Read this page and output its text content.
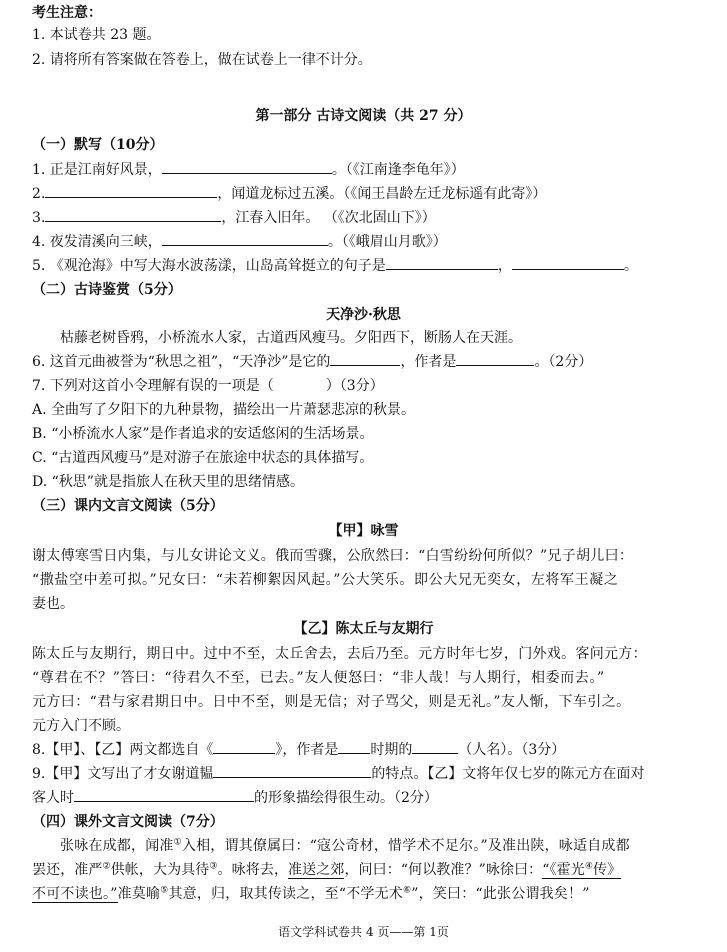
考生注意：
1. 本试卷共 23 题。
2. 请将所有答案做在答卷上，做在试卷上一律不计分。
第一部分 古诗文阅读（共 27 分）
（一）默写（10分）
1. 正是江南好风景，	。（《江南逢李龟年》）
2.	，闻道龙标过五溪。（《闻王昌龄左迁龙标遥有此寄》）
3.	，江春入旧年。 （《次北固山下》）
4. 夜发清溪向三峡，	。（《峨眉山月歌》）
5. 《观沧海》中写大海水波荡漾，山岛高耸挺立的句子是	，	。
（二）古诗鉴赏（5分）
天净沙·秋思
枯藤老树昏鸦，小桥流水人家，古道西风瘦马。夕阳西下，断肠人在天涯。
6. 这首元曲被誉为“秋思之祖”，“天净沙”是它的	，作者是	。（2分）
7. 下列对这首小令理解有误的一项是（	）（3分）
A. 全曲写了夕阳下的九种景物，描绘出一片萧瑟悲凉的秋景。
B. “小桥流水人家”是作者追求的安适悠闲的生活场景。
C. “古道西风瘦马”是对游子在旅途中状态的具体描写。
D. “秋思”就是指旅人在秋天里的思绪情感。
（三）课内文言文阅读（5分）
【甲】咏雪
谢太傅寒雪日内集，与儿女讲论文义。俄而雪骤，公欣然曰：“白雪纷纷何所似？”兄子胡儿曰：
“撒盐空中差可拟。”兄女曰：“未若柳絮因风起。”公大笑乐。即公大兄无奕女，左将军王凝之
妻也。
【乙】陈太丘与友期行
陈太丘与友期行，期日中。过中不至，太丘舍去，去后乃至。元方时年七岁，门外戏。客问元方：
“尊君在不？”答曰：“待君久不至，已去。”友人便怒曰：“非人哉！与人期行，相委而去。”
元方曰：“君与家君期日中。日中不至，则是无信；对子骂父，则是无礼。”友人惭，下车引之。
元方入门不顾。
8.【甲】、【乙】两文都选自《	》，作者是 时期的	（人名）。（3分）
9.【甲】文写出了才女谢道韫	的特点。【乙】文将年仅七岁的陈元方在面对
客人时	的形象描绘得很生动。（2分）
（四）课外文言文阅读（7分）
张咏在成都，闻准①入相，谓其僚属曰：“寇公奇材，惜学术不足尔。”及准出陕，咏适自成都
罢还，准严②供帐，大为具待③。咏将去，准送之郊，问曰：“何以教准？”咏徐曰：“《霍光④传》
不可不读也。”准莫喻⑤其意，归，取其传读之，至“不学无术⑥”，笑曰：“此张公谓我矣！”
语文学科试卷共 4 页——第 1页
